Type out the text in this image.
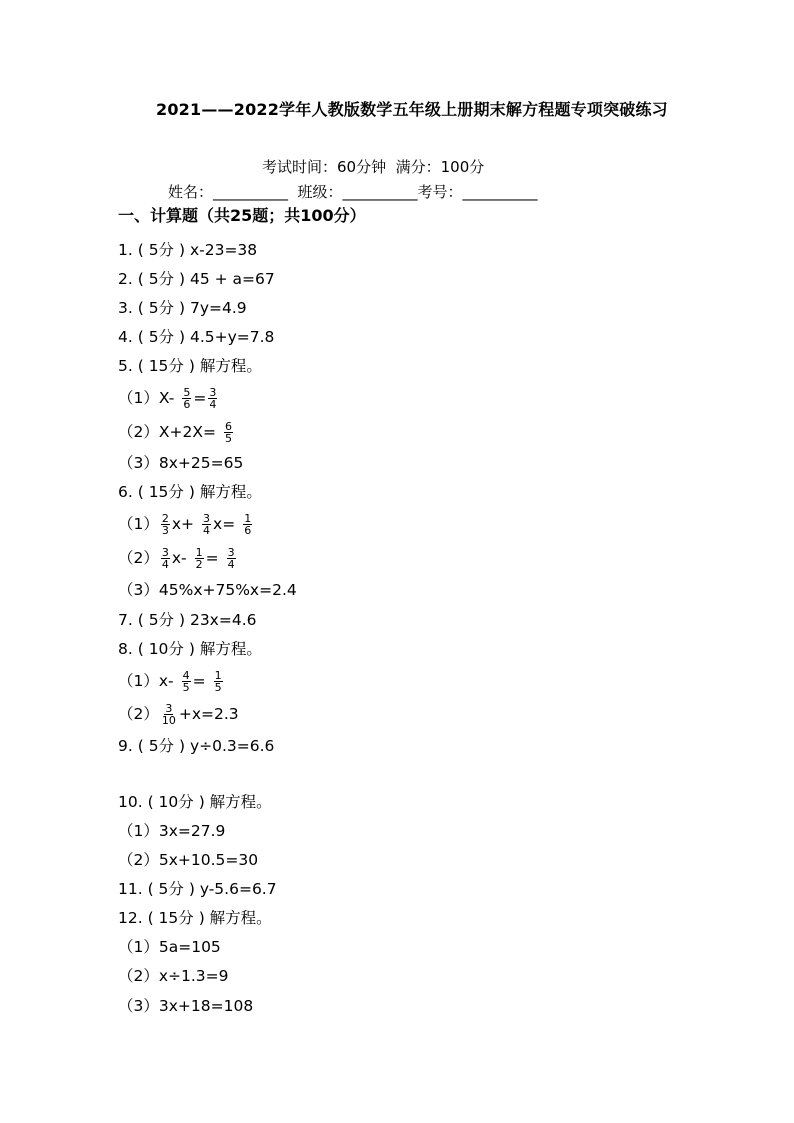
2021——2022学年人教版数学五年级上册期末解方程题专项突破练习
考试时间：60分钟  满分：100分
姓名：__________  班级：__________考号：__________
一、计算题（共25题；共100分）
1. ( 5分 ) x-23=38
2. ( 5分 ) 45 + a=67
3. ( 5分 ) 7y=4.9
4. ( 5分 ) 4.5+y=7.8
5. ( 15分 ) 解方程。
$(1)X- \frac{5}{6} = \frac{3}{4}$
$(2)X+2X= \frac{6}{5}$
（3）8x+25=65
6. ( 15分 ) 解方程。
$(1) \frac{2}{3} x+ \frac{3}{4} x= \frac{1}{6}$
$(2) \frac{3}{4} x- \frac{1}{2} = \frac{3}{4}$
（3）45%x+75%x=2.4
7. ( 5分 ) 23x=4.6
8. ( 10分 ) 解方程。
$(1)x- \frac{4}{5} = \frac{1}{5}$
$(2) \frac{3}{10} +x=2.3$
9. ( 5分 ) y÷0.3=6.6
10. ( 10分 ) 解方程。
（1）3x=27.9
（2）5x+10.5=30
11. ( 5分 ) y-5.6=6.7
12. ( 15分 ) 解方程。
（1）5a=105
（2）x÷1.3=9
（3）3x+18=108
